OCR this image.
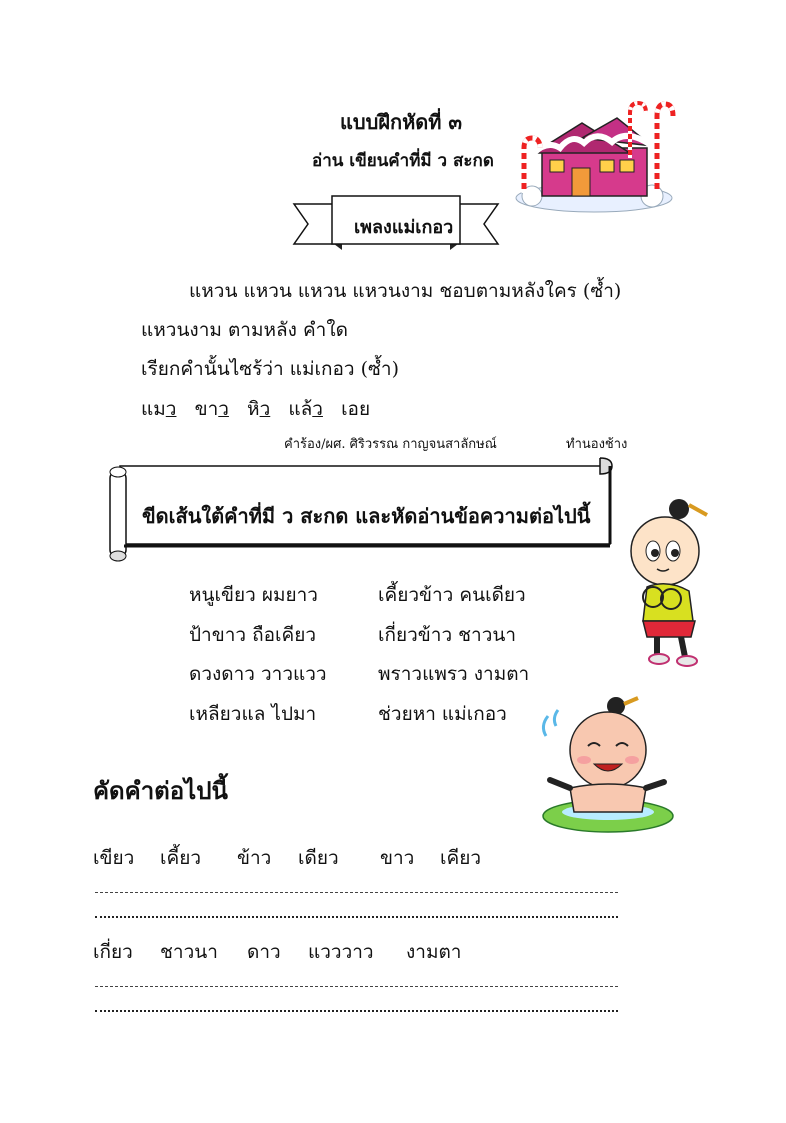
แบบฝึกหัดที่ ๓
อ่าน เขียนคำที่มี ว สะกด
เพลงแม่เกอว
แหวน แหวน แหวน แหวนงาม ชอบตามหลังใคร (ซ้ำ)
แหวนงาม ตามหลัง คำใด
เรียกคำนั้นไซร้ว่า แม่เกอว (ซ้ำ)
แมว ขาว หิว แล้ว เอย
คำร้อง/ผศ. ศิริวรรณ กาญจนสาลักษณ์	ทำนองช้าง
ขีดเส้นใต้คำที่มี ว สะกด และหัดอ่านข้อความต่อไปนี้
หนูเขียว ผมยาว
ป้าขาว ถือเคียว
ดวงดาว วาวแวว
เหลียวแล ไปมา
เคี้ยวข้าว คนเดียว
เกี่ยวข้าว ชาวนา
พราวแพรว งามตา
ช่วยหา แม่เกอว
คัดคำต่อไปนี้
เขียว เคี้ยว ข้าว เดียว ขาว เคียว
เกี่ยว ชาวนา ดาว แวววาว งามตา
